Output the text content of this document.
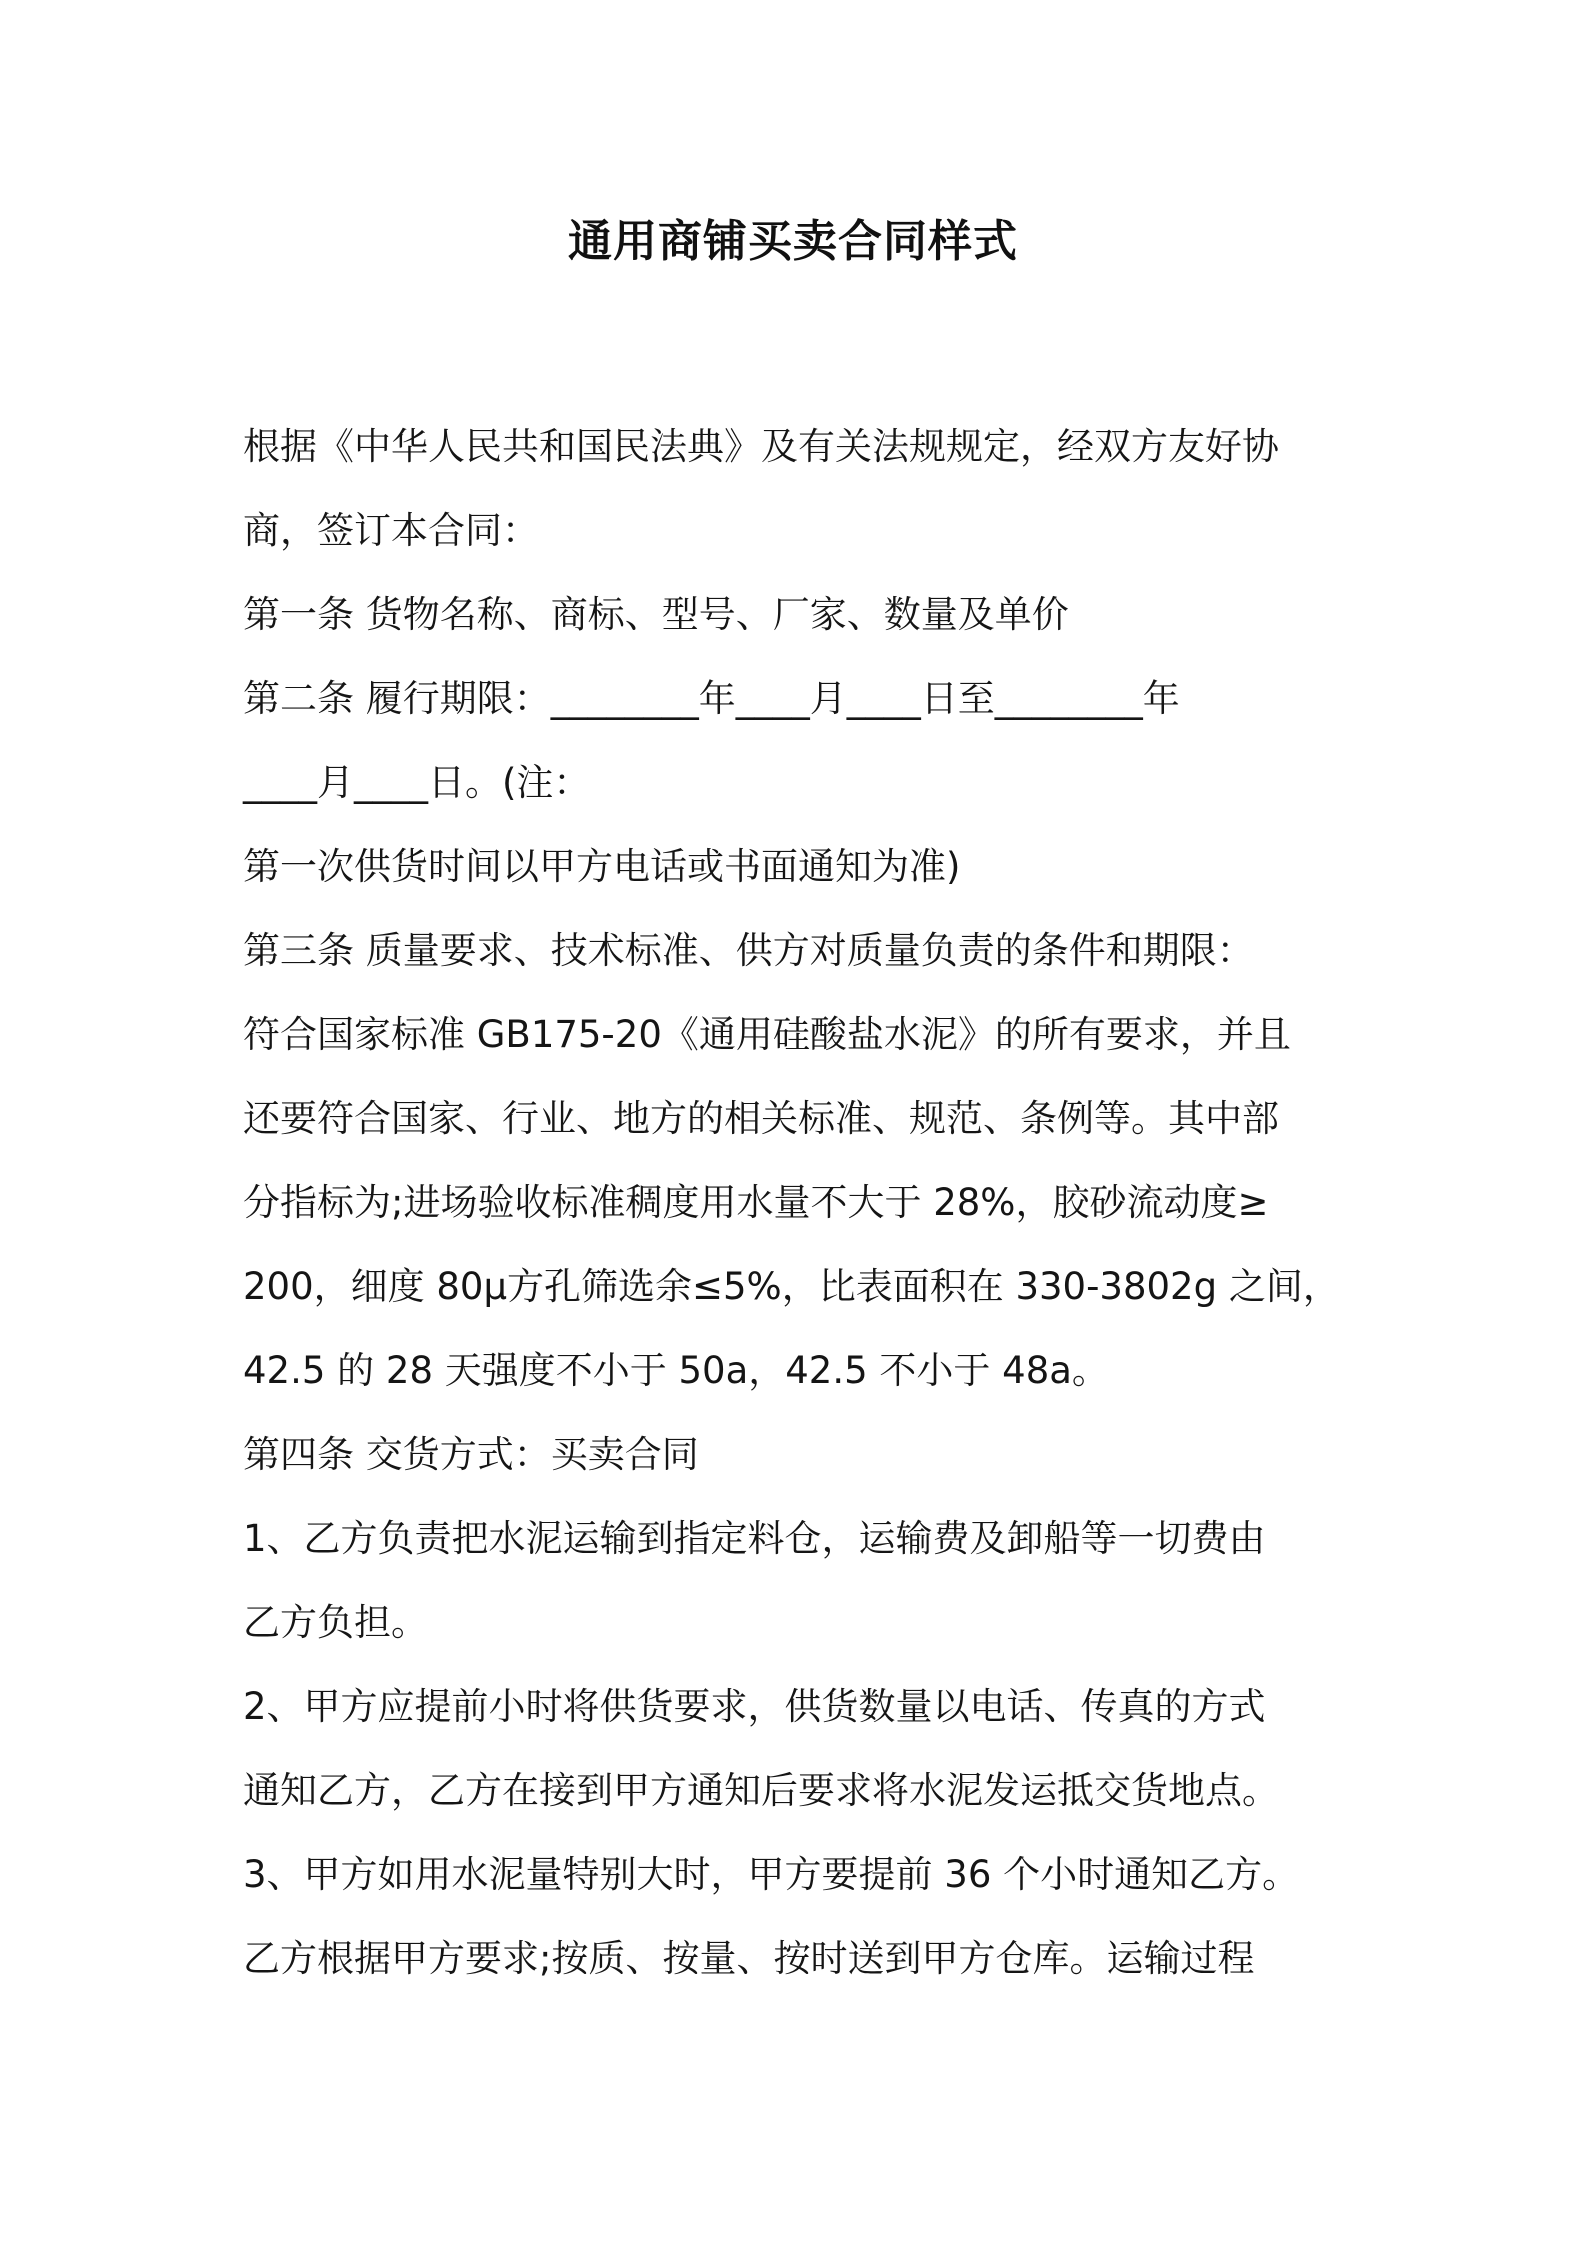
通用商铺买卖合同样式
根据《中华人民共和国民法典》及有关法规规定，经双方友好协
商，签订本合同：
第一条 货物名称、商标、型号、厂家、数量及单价
第二条 履行期限：________年____月____日至________年
____月____日。(注：
第一次供货时间以甲方电话或书面通知为准)
第三条 质量要求、技术标准、供方对质量负责的条件和期限：
符合国家标准 GB175-20《通用硅酸盐水泥》的所有要求，并且
还要符合国家、行业、地方的相关标准、规范、条例等。其中部
分指标为;进场验收标准稠度用水量不大于 28%，胶砂流动度≥
200，细度 80μ方孔筛选余≤5%，比表面积在 330-3802g 之间，
42.5 的 28 天强度不小于 50a，42.5 不小于 48a。
第四条 交货方式：买卖合同
1、乙方负责把水泥运输到指定料仓，运输费及卸船等一切费由
乙方负担。
2、甲方应提前小时将供货要求，供货数量以电话、传真的方式
通知乙方，乙方在接到甲方通知后要求将水泥发运抵交货地点。
3、甲方如用水泥量特别大时，甲方要提前 36 个小时通知乙方。
乙方根据甲方要求;按质、按量、按时送到甲方仓库。运输过程
